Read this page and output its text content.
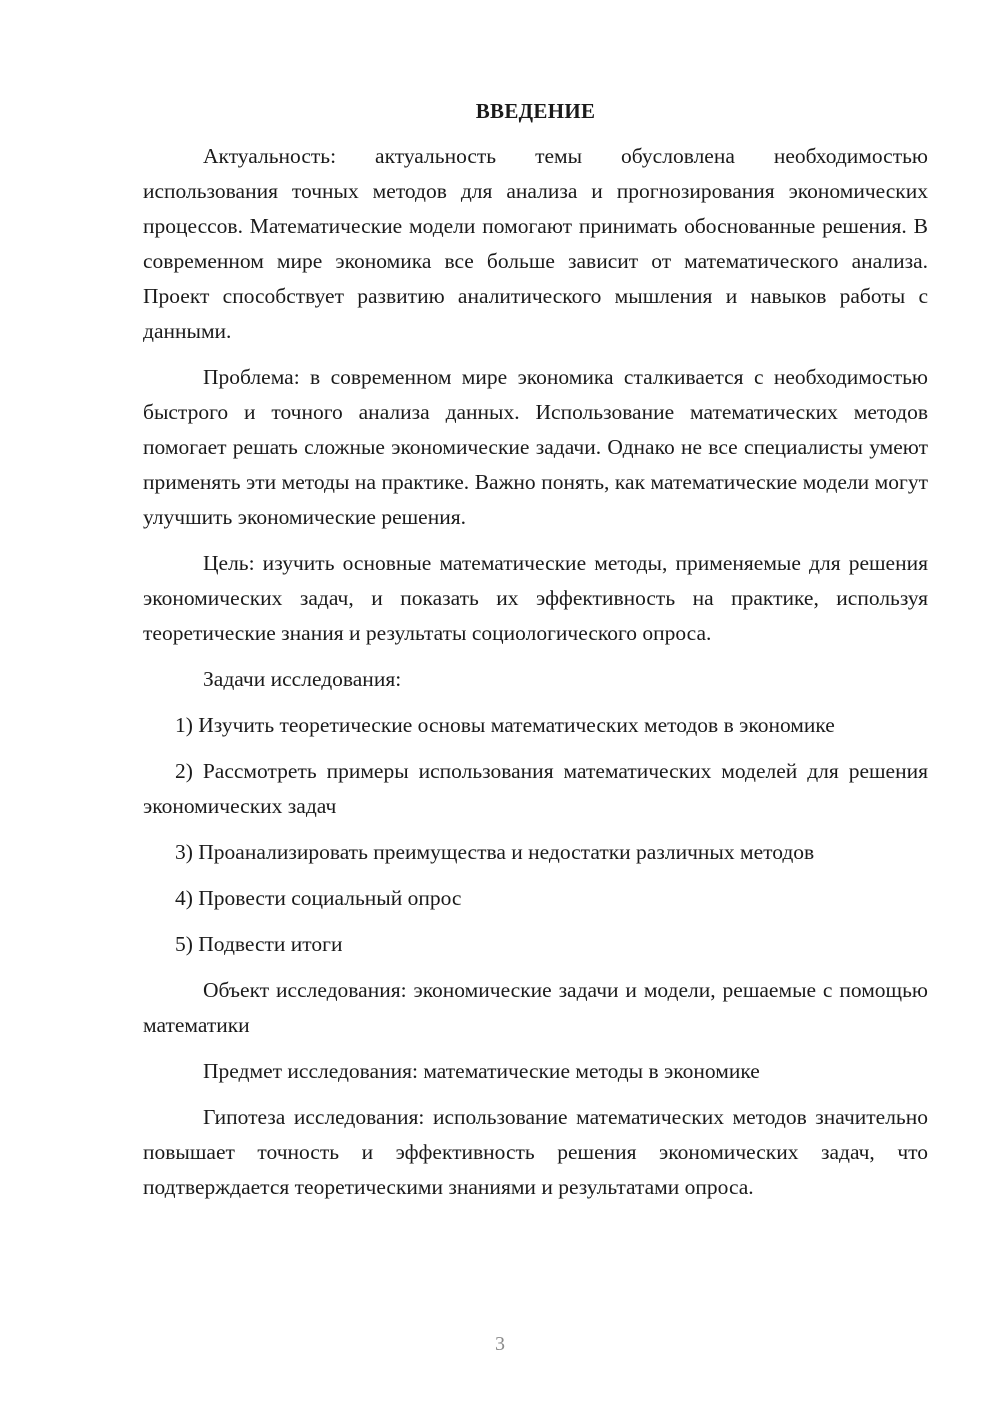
ВВЕДЕНИЕ

Актуальность: актуальность темы обусловлена необходимостью использования точных методов для анализа и прогнозирования экономических процессов. Математические модели помогают принимать обоснованные решения. В современном мире экономика все больше зависит от математического анализа. Проект способствует развитию аналитического мышления и навыков работы с данными.

Проблема: в современном мире экономика сталкивается с необходимостью быстрого и точного анализа данных. Использование математических методов помогает решать сложные экономические задачи. Однако не все специалисты умеют применять эти методы на практике. Важно понять, как математические модели могут улучшить экономические решения.

Цель: изучить основные математические методы, применяемые для решения экономических задач, и показать их эффективность на практике, используя теоретические знания и результаты социологического опроса.

Задачи исследования:

1) Изучить теоретические основы математических методов в экономике

2) Рассмотреть примеры использования математических моделей для решения экономических задач

3) Проанализировать преимущества и недостатки различных методов

4) Провести социальный опрос

5) Подвести итоги

Объект исследования: экономические задачи и модели, решаемые с помощью математики

Предмет исследования: математические методы в экономике

Гипотеза исследования: использование математических методов значительно повышает точность и эффективность решения экономических задач, что подтверждается теоретическими знаниями и результатами опроса.

3
